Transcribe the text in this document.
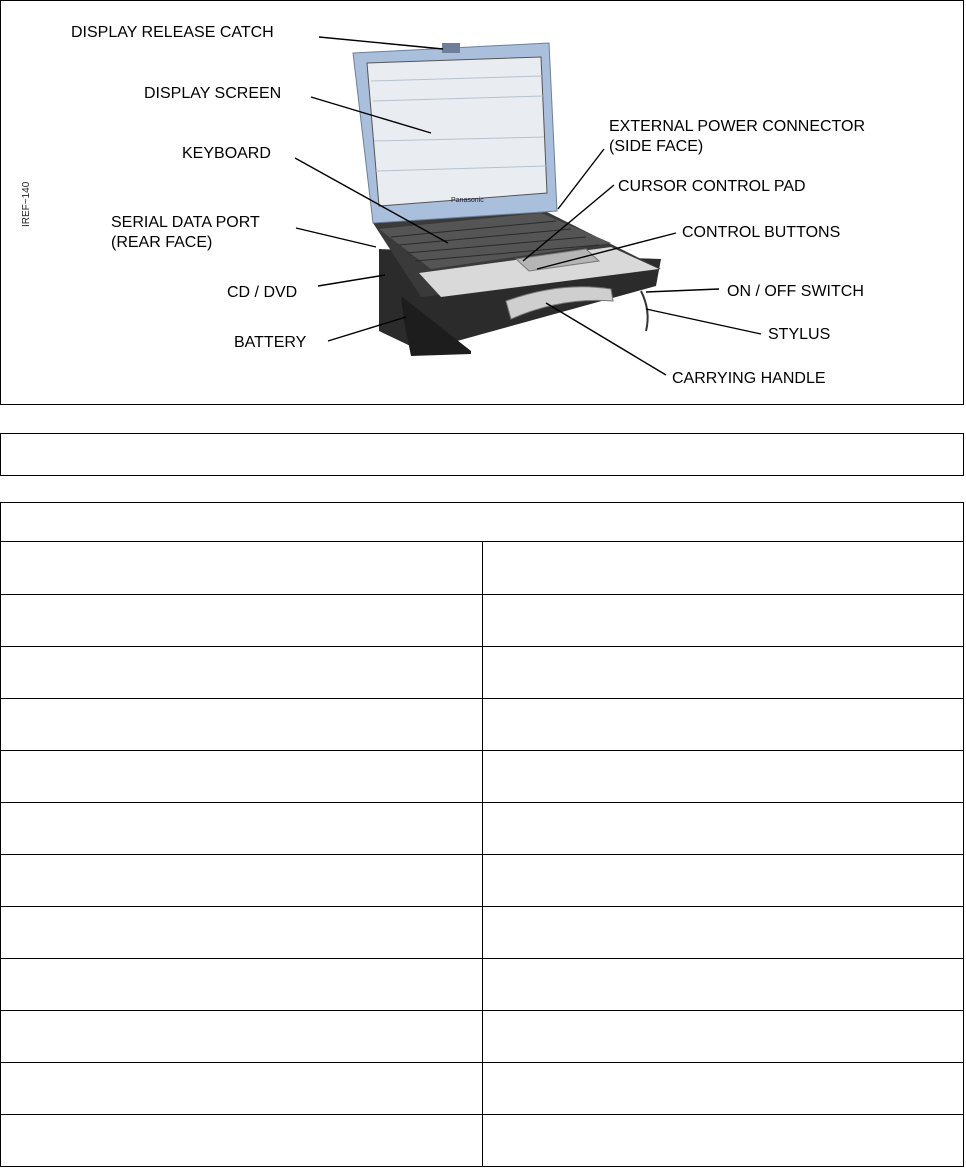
Panasonic
IREF~140
DISPLAY RELEASE CATCH
DISPLAY SCREEN
KEYBOARD
SERIAL DATA PORT
(REAR FACE)
CD / DVD
BATTERY
EXTERNAL POWER CONNECTOR
(SIDE FACE)
CURSOR CONTROL PAD
CONTROL BUTTONS
ON / OFF SWITCH
STYLUS
CARRYING HANDLE
